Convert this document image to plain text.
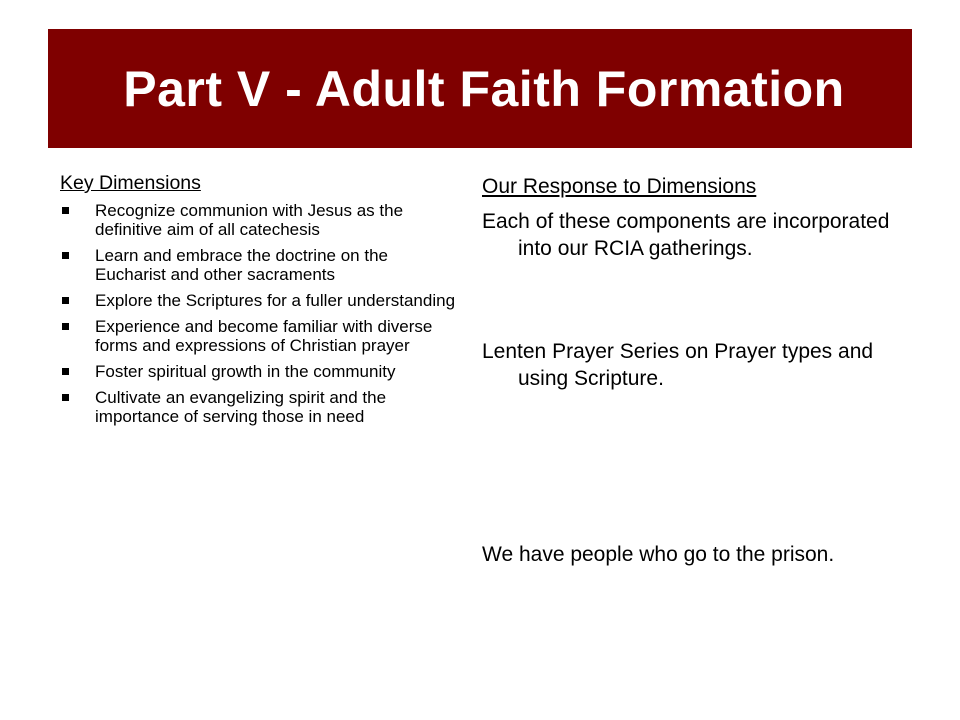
Part V - Adult Faith Formation

Key Dimensions

Recognize communion with Jesus as the definitive aim of all catechesis
Learn and embrace the doctrine on the Eucharist and other sacraments
Explore the Scriptures for a fuller understanding
Experience and become familiar with diverse forms and expressions of Christian prayer
Foster spiritual growth in the community
Cultivate an evangelizing spirit and the importance of serving those in need

Our Response to Dimensions

Each of these components are incorporated into our RCIA gatherings.

Lenten Prayer Series on Prayer types and using Scripture.

We have people who go to the prison.
